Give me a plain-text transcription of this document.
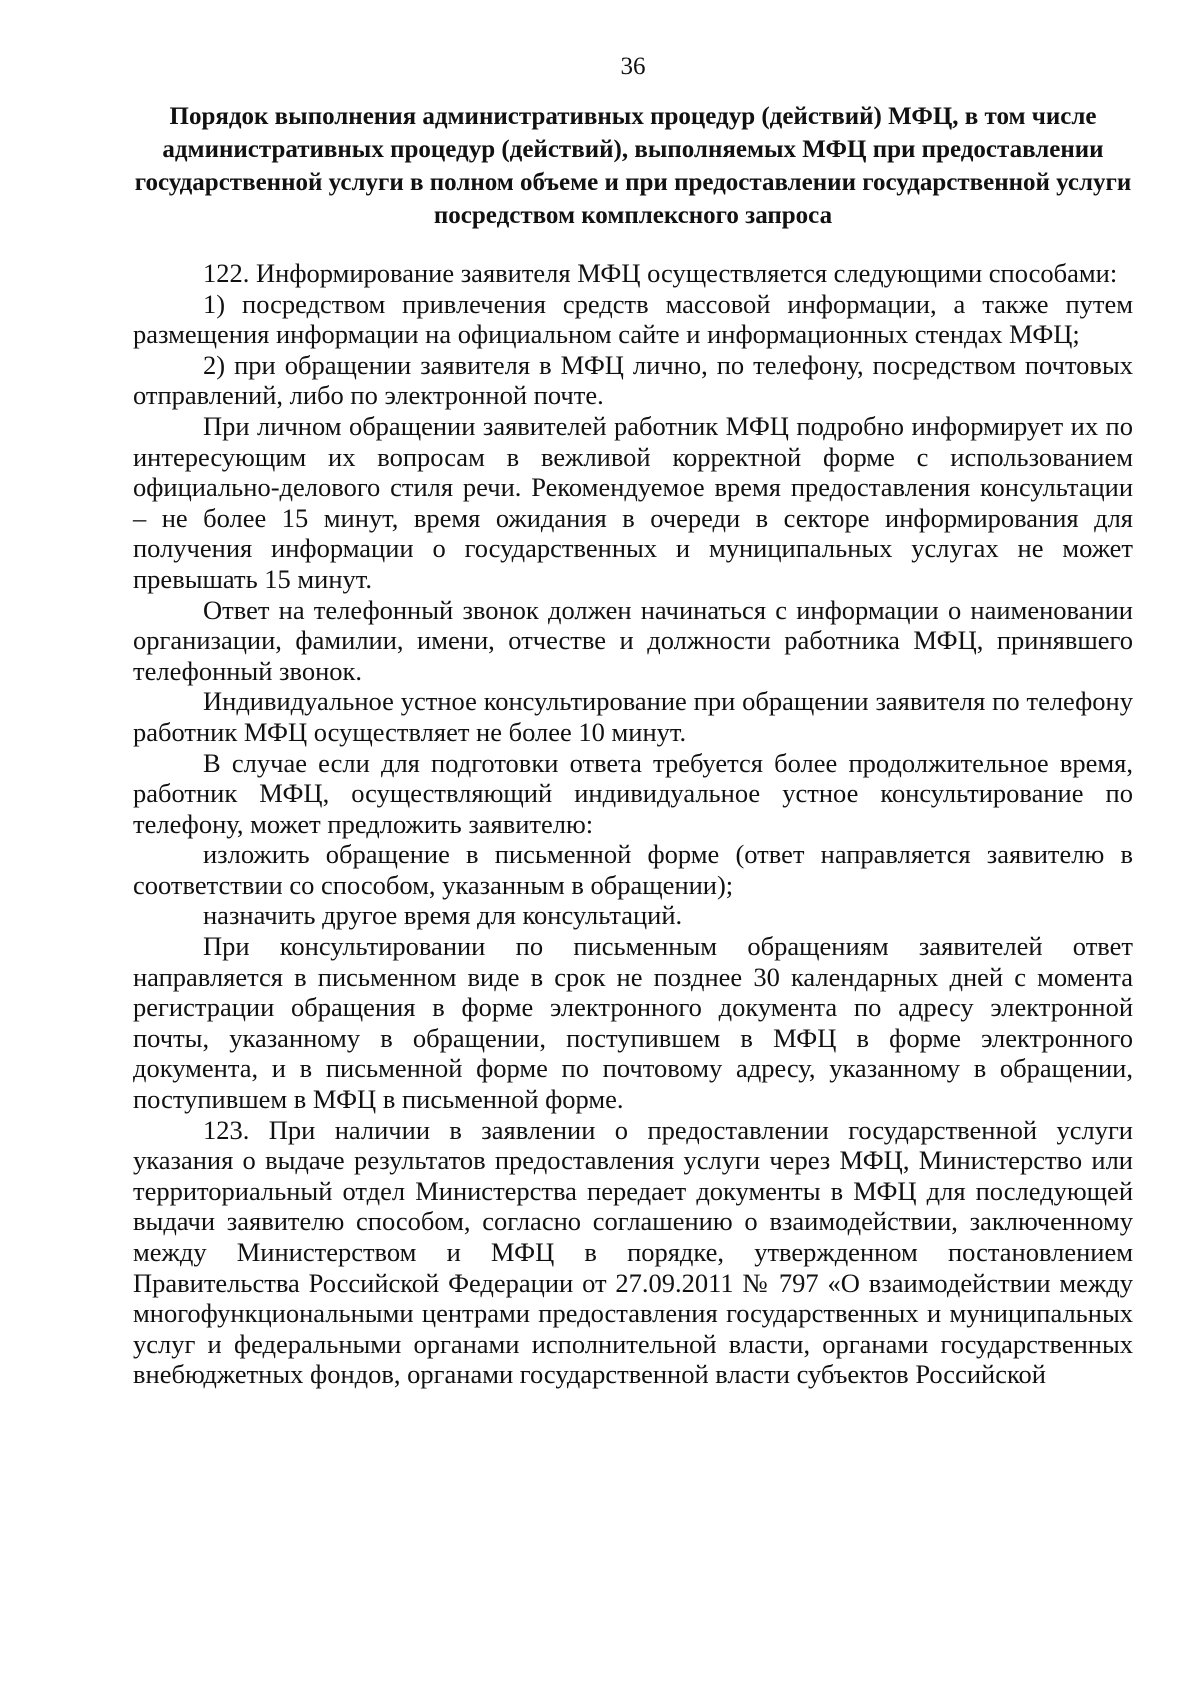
36
Порядок выполнения административных процедур (действий) МФЦ, в том числе административных процедур (действий), выполняемых МФЦ при предоставлении государственной услуги в полном объеме и при предоставлении государственной услуги посредством комплексного запроса

122. Информирование заявителя МФЦ осуществляется следующими способами:

1) посредством привлечения средств массовой информации, а также путем размещения информации на официальном сайте и информационных стендах МФЦ;

2) при обращении заявителя в МФЦ лично, по телефону, посредством почтовых отправлений, либо по электронной почте.

При личном обращении заявителей работник МФЦ подробно информирует их по интересующим их вопросам в вежливой корректной форме с использованием официально-делового стиля речи. Рекомендуемое время предоставления консультации – не более 15 минут, время ожидания в очереди в секторе информирования для получения информации о государственных и муниципальных услугах не может превышать 15 минут.

Ответ на телефонный звонок должен начинаться с информации о наименовании организации, фамилии, имени, отчестве и должности работника МФЦ, принявшего телефонный звонок.

Индивидуальное устное консультирование при обращении заявителя по телефону работник МФЦ осуществляет не более 10 минут.

В случае если для подготовки ответа требуется более продолжительное время, работник МФЦ, осуществляющий индивидуальное устное консультирование по телефону, может предложить заявителю:

изложить обращение в письменной форме (ответ направляется заявителю в соответствии со способом, указанным в обращении);

назначить другое время для консультаций.

При консультировании по письменным обращениям заявителей ответ направляется в письменном виде в срок не позднее 30 календарных дней с момента регистрации обращения в форме электронного документа по адресу электронной почты, указанному в обращении, поступившем в МФЦ в форме электронного документа, и в письменной форме по почтовому адресу, указанному в обращении, поступившем в МФЦ в письменной форме.

123. При наличии в заявлении о предоставлении государственной услуги указания о выдаче результатов предоставления услуги через МФЦ, Министерство или территориальный отдел Министерства передает документы в МФЦ для последующей выдачи заявителю способом, согласно соглашению о взаимодействии, заключенному между Министерством и МФЦ в порядке, утвержденном постановлением Правительства Российской Федерации от 27.09.2011 № 797 «О взаимодействии между многофункциональными центрами предоставления государственных и муниципальных услуг и федеральными органами исполнительной власти, органами государственных внебюджетных фондов, органами государственной власти субъектов Российской
